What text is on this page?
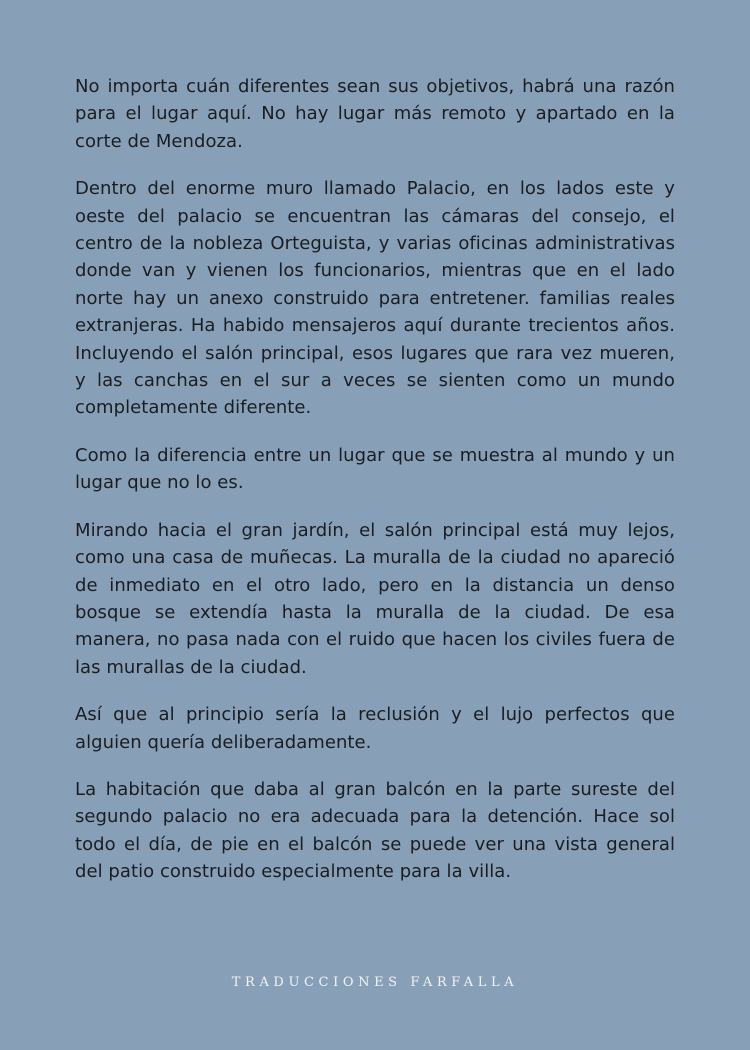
No importa cuán diferentes sean sus objetivos, habrá una razón para el lugar aquí. No hay lugar más remoto y apartado en la corte de Mendoza.

Dentro del enorme muro llamado Palacio, en los lados este y oeste del palacio se encuentran las cámaras del consejo, el centro de la nobleza Orteguista, y varias oficinas administrativas donde van y vienen los funcionarios, mientras que en el lado norte hay un anexo construido para entretener. familias reales extranjeras. Ha habido mensajeros aquí durante trecientos años. Incluyendo el salón principal, esos lugares que rara vez mueren, y las canchas en el sur a veces se sienten como un mundo completamente diferente.

Como la diferencia entre un lugar que se muestra al mundo y un lugar que no lo es.

Mirando hacia el gran jardín, el salón principal está muy lejos, como una casa de muñecas. La muralla de la ciudad no apareció de inmediato en el otro lado, pero en la distancia un denso bosque se extendía hasta la muralla de la ciudad. De esa manera, no pasa nada con el ruido que hacen los civiles fuera de las murallas de la ciudad.

Así que al principio sería la reclusión y el lujo perfectos que alguien quería deliberadamente.

La habitación que daba al gran balcón en la parte sureste del segundo palacio no era adecuada para la detención. Hace sol todo el día, de pie en el balcón se puede ver una vista general del patio construido especialmente para la villa.

TRADUCCIONES FARFALLA
